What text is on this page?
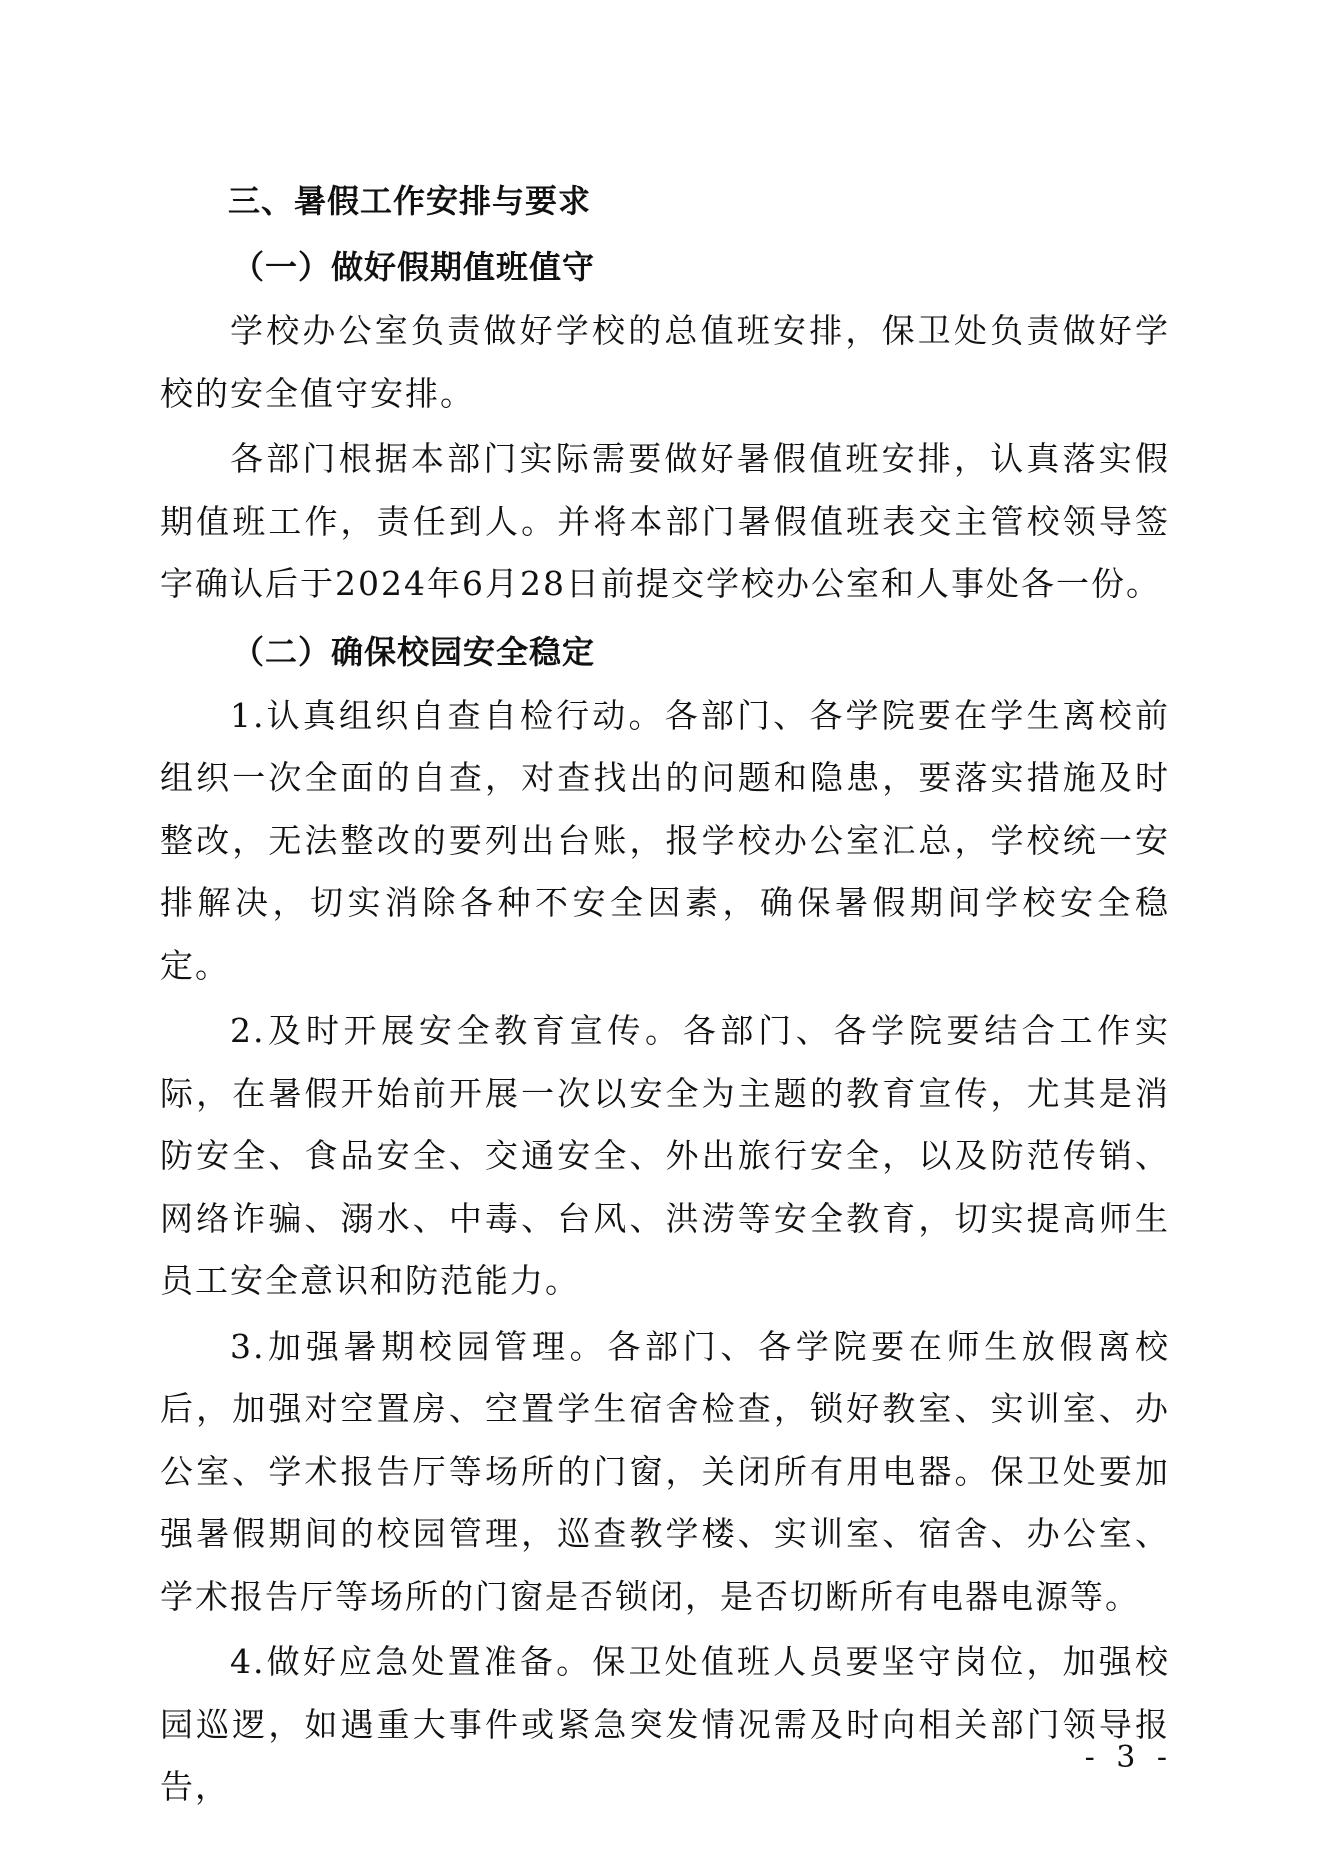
三、暑假工作安排与要求
（一）做好假期值班值守

学校办公室负责做好学校的总值班安排，保卫处负责做好学校的安全值守安排。

各部门根据本部门实际需要做好暑假值班安排，认真落实假期值班工作，责任到人。并将本部门暑假值班表交主管校领导签字确认后于2024年6月28日前提交学校办公室和人事处各一份。

（二）确保校园安全稳定

1.认真组织自查自检行动。各部门、各学院要在学生离校前组织一次全面的自查，对查找出的问题和隐患，要落实措施及时整改，无法整改的要列出台账，报学校办公室汇总，学校统一安排解决，切实消除各种不安全因素，确保暑假期间学校安全稳定。

2.及时开展安全教育宣传。各部门、各学院要结合工作实际，在暑假开始前开展一次以安全为主题的教育宣传，尤其是消防安全、食品安全、交通安全、外出旅行安全，以及防范传销、网络诈骗、溺水、中毒、台风、洪涝等安全教育，切实提高师生员工安全意识和防范能力。

3.加强暑期校园管理。各部门、各学院要在师生放假离校后，加强对空置房、空置学生宿舍检查，锁好教室、实训室、办公室、学术报告厅等场所的门窗，关闭所有用电器。保卫处要加强暑假期间的校园管理，巡查教学楼、实训室、宿舍、办公室、学术报告厅等场所的门窗是否锁闭，是否切断所有电器电源等。

4.做好应急处置准备。保卫处值班人员要坚守岗位，加强校园巡逻，如遇重大事件或紧急突发情况需及时向相关部门领导报告，

- 3 -
